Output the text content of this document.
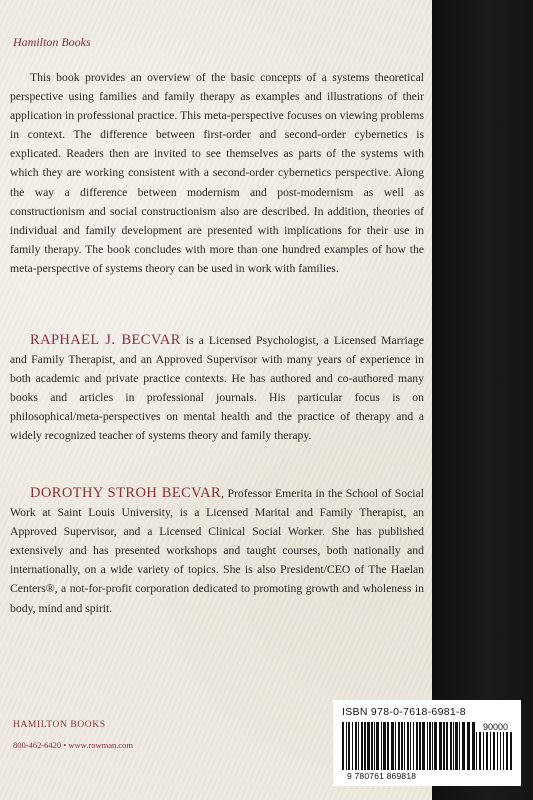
Hamilton Books

This book provides an overview of the basic concepts of a systems theoretical perspective using families and family therapy as examples and illustrations of their application in professional practice. This meta-perspective focuses on viewing problems in context. The difference between first-order and second-order cybernetics is explicated. Readers then are invited to see themselves as parts of the systems with which they are working consistent with a second-order cybernetics perspective. Along the way a difference between modernism and post-modernism as well as constructionism and social constructionism also are described. In addition, theories of individual and family development are presented with implications for their use in family therapy. The book concludes with more than one hundred examples of how the meta-perspective of systems theory can be used in work with families.

RAPHAEL J. BECVAR is a Licensed Psychologist, a Licensed Marriage and Family Therapist, and an Approved Supervisor with many years of experience in both academic and private practice contexts. He has authored and co-authored many books and articles in professional journals. His particular focus is on philosophical/meta-perspectives on mental health and the practice of therapy and a widely recognized teacher of systems theory and family therapy.

DOROTHY STROH BECVAR, Professor Emerita in the School of Social Work at Saint Louis University, is a Licensed Marital and Family Therapist, an Approved Supervisor, and a Licensed Clinical Social Worker. She has published extensively and has presented workshops and taught courses, both nationally and internationally, on a wide variety of topics. She is also President/CEO of The Haelan Centers®, a not-for-profit corporation dedicated to promoting growth and wholeness in body, mind and spirit.

HAMILTON BOOKS
800-462-6420 • www.rowman.com
ISBN 978-0-7618-6981-8
90000
9 780761 869818
